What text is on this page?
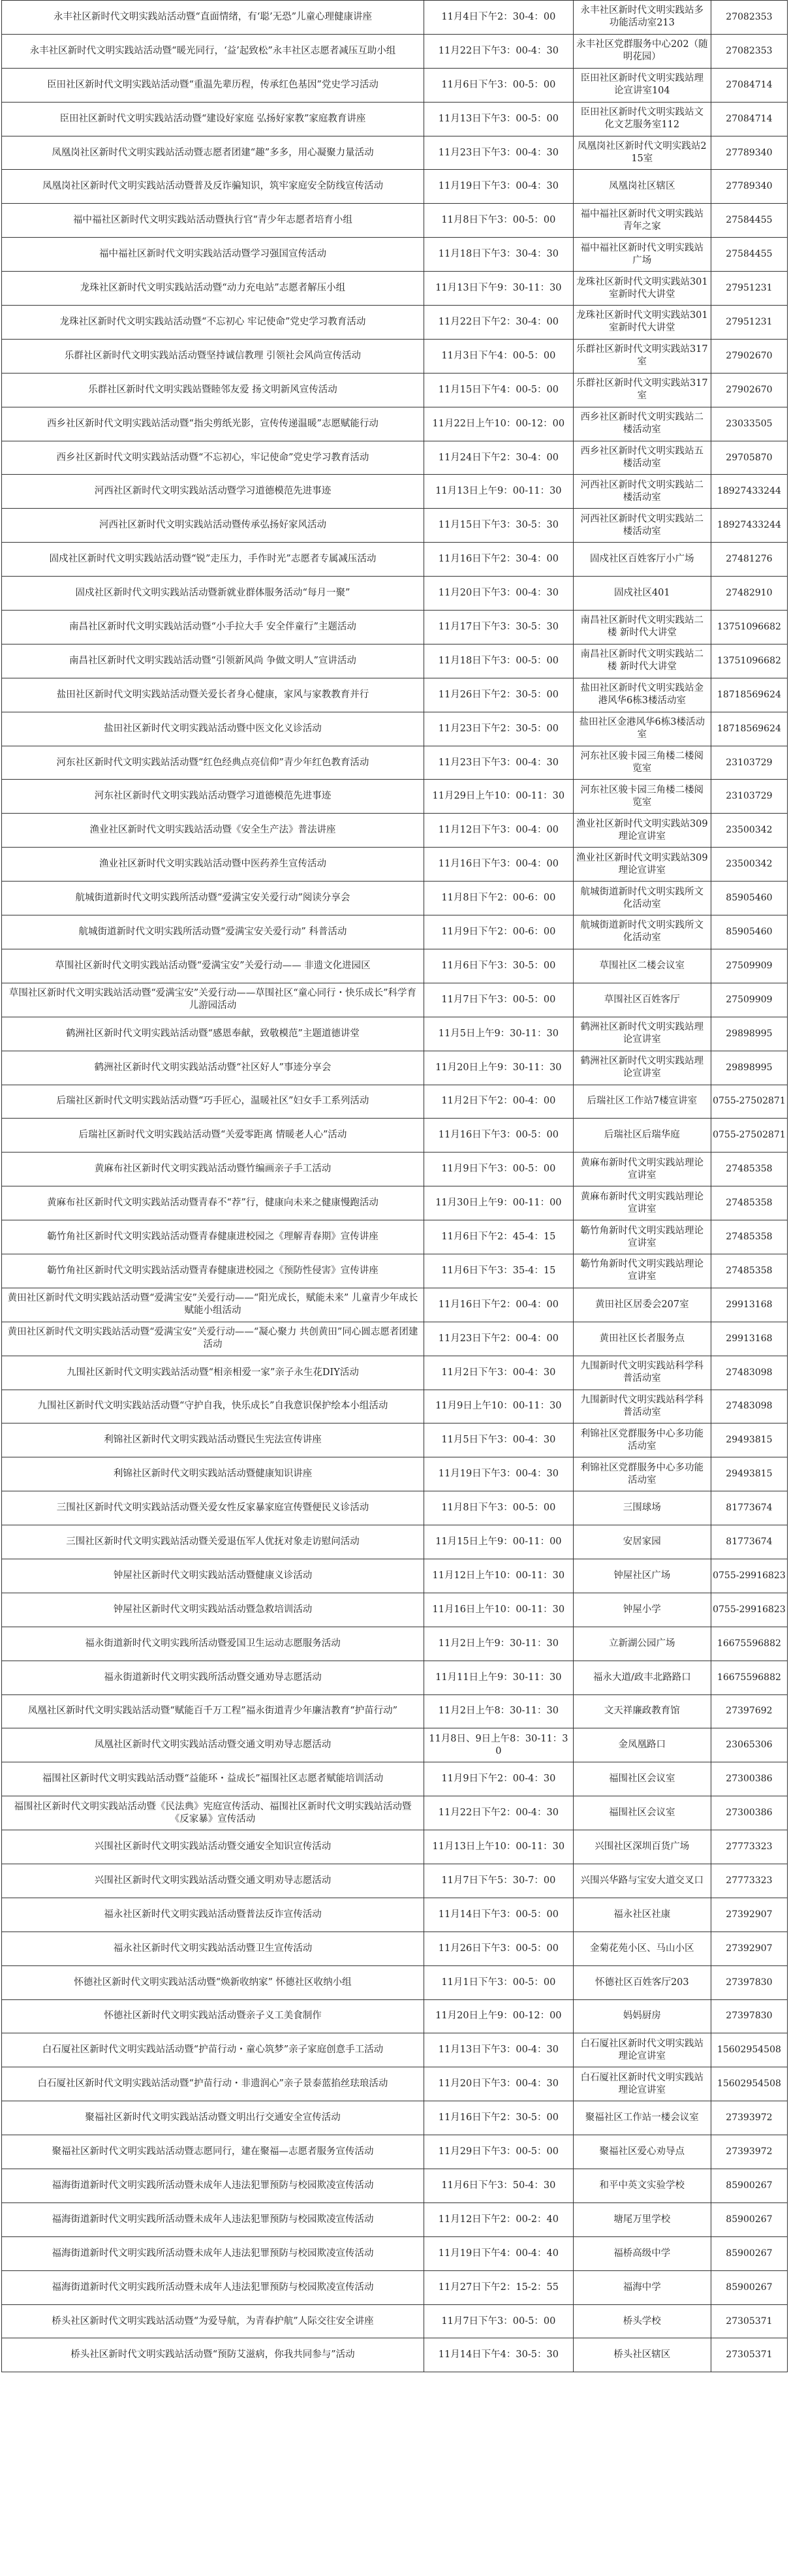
永丰社区新时代文明实践站活动暨“直面情绪，有‘聪’无恐”儿童心理健康讲座	11月4日下午2：30-4：00	永丰社区新时代文明实践站多功能活动室213	27082353
永丰社区新时代文明实践站活动暨“暖光同行，‘益’起致松”永丰社区志愿者减压互助小组	11月22日下午3：00-4：30	永丰社区党群服务中心202（随明花园）	27082353
臣田社区新时代文明实践站活动暨“重温先辈历程，传承红色基因”党史学习活动	11月6日下午3：00-5：00	臣田社区新时代文明实践站理论宣讲室104	27084714
臣田社区新时代文明实践站活动暨“建设好家庭 弘扬好家教”家庭教育讲座	11月13日下午3：00-5：00	臣田社区新时代文明实践站文化文艺服务室112	27084714
凤凰岗社区新时代文明实践站活动暨志愿者团建“趣”多多，用心凝聚力量活动	11月23日下午3：00-4：30	凤凰岗社区新时代文明实践站215室	27789340
凤凰岗社区新时代文明实践站活动暨普及反诈骗知识，筑牢家庭安全防线宣传活动	11月19日下午3：00-4：30	凤凰岗社区辖区	27789340
福中福社区新时代文明实践站活动暨执行官“青少年志愿者培育小组	11月8日下午3：00-5：00	福中福社区新时代文明实践站青年之家	27584455
福中福社区新时代文明实践站活动暨学习强国宣传活动	11月18日下午3：30-4：30	福中福社区新时代文明实践站广场	27584455
龙珠社区新时代文明实践站活动暨“动力充电站”志愿者解压小组	11月13日下午9：30-11：30	龙珠社区新时代文明实践站301室新时代大讲堂	27951231
龙珠社区新时代文明实践站活动暨“不忘初心 牢记使命”党史学习教育活动	11月22日下午2：30-4：00	龙珠社区新时代文明实践站301室新时代大讲堂	27951231
乐群社区新时代文明实践站活动暨坚持诚信教理 引领社会风尚宣传活动	11月3日下午4：00-5：00	乐群社区新时代文明实践站317室	27902670
乐群社区新时代文明实践站暨睦邻友爱 扬文明新风宣传活动	11月15日下午4：00-5：00	乐群社区新时代文明实践站317室	27902670
西乡社区新时代文明实践站活动暨“指尖剪纸光影，宣传传递温暖”志愿赋能行动	11月22日上午10：00-12：00	西乡社区新时代文明实践站二楼活动室	23033505
西乡社区新时代文明实践站活动暨“不忘初心，牢记使命”党史学习教育活动	11月24日下午2：30-4：00	西乡社区新时代文明实践站五楼活动室	29705870
河西社区新时代文明实践站活动暨学习道德模范先进事迹	11月13日上午9：00-11：30	河西社区新时代文明实践站二楼活动室	18927433244
河西社区新时代文明实践站活动暨传承弘扬好家风活动	11月15日下午3：30-5：30	河西社区新时代文明实践站二楼活动室	18927433244
固戍社区新时代文明实践站活动暨“锐”走压力，手作时光”志愿者专属减压活动	11月16日下午2：30-4：00	固戍社区百姓客厅小广场	27481276
固戍社区新时代文明实践站活动暨新就业群体服务活动“每月一聚”	11月20日下午3：00-4：30	固戍社区401	27482910
南昌社区新时代文明实践站活动暨“小手拉大手 安全伴童行”主题活动	11月17日下午3：30-5：30	南昌社区新时代文明实践站二楼 新时代大讲堂	13751096682
南昌社区新时代文明实践站活动暨“引领新风尚 争做文明人”宣讲活动	11月18日下午3：00-5：00	南昌社区新时代文明实践站二楼 新时代大讲堂	13751096682
盐田社区新时代文明实践站活动暨关爱长者身心健康，家风与家教教育并行	11月26日下午2：30-5：00	盐田社区新时代文明实践站金港风华6栋3楼活动室	18718569624
盐田社区新时代文明实践站活动暨中医文化义诊活动	11月23日下午2：30-5：00	盐田社区金港风华6栋3楼活动室	18718569624
河东社区新时代文明实践站活动暨“红色经典点亮信仰”青少年红色教育活动	11月23日下午3：00-4：30	河东社区骏卡园三角楼二楼阅览室	23103729
河东社区新时代文明实践站活动暨学习道德模范先进事迹	11月29日上午10：00-11：30	河东社区骏卡园三角楼二楼阅览室	23103729
渔业社区新时代文明实践站活动暨《安全生产法》普法讲座	11月12日下午3：00-4：00	渔业社区新时代文明实践站309理论宣讲室	23500342
渔业社区新时代文明实践站活动暨中医药养生宣传活动	11月16日下午3：00-4：00	渔业社区新时代文明实践站309理论宣讲室	23500342
航城街道新时代文明实践所活动暨“爱满宝安关爱行动”阅读分享会	11月8日下午2：00-6：00	航城街道新时代文明实践所文化活动室	85905460
航城街道新时代文明实践所活动暨“爱满宝安关爱行动” 科普活动	11月9日下午2：00-6：00	航城街道新时代文明实践所文化活动室	85905460
草围社区新时代文明实践站活动暨“爱满宝安”关爱行动—— 非遗文化进园区	11月6日下午3：30-5：00	草围社区二楼会议室	27509909
草围社区新时代文明实践站活动暨“爱满宝安”关爱行动——草围社区“童心同行・快乐成长”科学育儿游园活动	11月7日下午3：00-5：00	草围社区百姓客厅	27509909
鹤洲社区新时代文明实践站活动暨“感恩奉献，致敬模范”主题道德讲堂	11月5日上午9：30-11：30	鹤洲社区新时代文明实践站理论宣讲室	29898995
鹤洲社区新时代文明实践站活动暨“社区好人”事迹分享会	11月20日上午9：30-11：30	鹤洲社区新时代文明实践站理论宣讲室	29898995
后瑞社区新时代文明实践站活动暨“巧手匠心，温暖社区”妇女手工系列活动	11月2日下午2：00-4：00	后瑞社区工作站7楼宣讲室	0755-27502871
后瑞社区新时代文明实践站活动暨“关爱零距离 情暖老人心”活动	11月16日下午3：00-5：00	后瑞社区后瑞华庭	0755-27502871
黄麻布社区新时代文明实践站活动暨竹编画亲子手工活动	11月9日下午3：00-5：00	黄麻布新时代文明实践站理论宣讲室	27485358
黄麻布社区新时代文明实践站活动暨青春不“荐”行，健康向未来之健康慢跑活动	11月30日上午9：00-11：00	黄麻布新时代文明实践站理论宣讲室	27485358
簕竹角社区新时代文明实践站活动暨青春健康进校园之《理解青春期》宣传讲座	11月6日下午2：45-4：15	簕竹角新时代文明实践站理论宣讲室	27485358
簕竹角社区新时代文明实践站活动暨青春健康进校园之《预防性侵害》宣传讲座	11月6日下午3：35-4：15	簕竹角新时代文明实践站理论宣讲室	27485358
黄田社区新时代文明实践站活动暨“爱满宝安”关爱行动——“阳光成长，赋能未来” 儿童青少年成长赋能小组活动	11月16日下午2：00-4：00	黄田社区居委会207室	29913168
黄田社区新时代文明实践站活动暨“爱满宝安”关爱行动——“凝心聚力 共创黄田”同心圆志愿者团建活动	11月23日下午2：00-4：00	黄田社区长者服务点	29913168
九围社区新时代文明实践站活动暨“相亲相爱一家”亲子永生花DIY活动	11月2日下午3：00-4：30	九围新时代文明实践站科学科普活动室	27483098
九围社区新时代文明实践站活动暨“守护自我，快乐成长”自我意识保护绘本小组活动	11月9日上午10：00-11：30	九围新时代文明实践站科学科普活动室	27483098
利锦社区新时代文明实践站活动暨民生宪法宣传讲座	11月5日下午3：00-4：30	利锦社区党群服务中心多功能活动室	29493815
利锦社区新时代文明实践站活动暨健康知识讲座	11月19日下午3：00-4：30	利锦社区党群服务中心多功能活动室	29493815
三围社区新时代文明实践站活动暨关爱女性反家暴家庭宣传暨便民义诊活动	11月8日下午3：00-5：00	三围球场	81773674
三围社区新时代文明实践站活动暨关爱退伍军人优抚对象走访慰问活动	11月15日上午9：00-11：00	安居家园	81773674
钟屋社区新时代文明实践站活动暨健康义诊活动	11月12日上午10：00-11：30	钟屋社区广场	0755-29916823
钟屋社区新时代文明实践站活动暨急救培训活动	11月16日上午10：00-11：30	钟屋小学	0755-29916823
福永街道新时代文明实践所活动暨爱国卫生运动志愿服务活动	11月2日上午9：30-11：30	立新湖公园广场	16675596882
福永街道新时代文明实践所活动暨交通劝导志愿活动	11月11日上午9：30-11：30	福永大道/政丰北路路口	16675596882
凤凰社区新时代文明实践站活动暨“赋能百千万工程”福永街道青少年廉洁教育“护苗行动”	11月2日上午8：30-11：30	文天祥廉政教育馆	27397692
凤凰社区新时代文明实践站活动暨交通文明劝导志愿活动	11月8日、9日上午8：30-11：30	金凤凰路口	23065306
福围社区新时代文明实践站活动暨“益能环・益成长”福围社区志愿者赋能培训活动	11月9日下午2：00-4：30	福围社区会议室	27300386
福围社区新时代文明实践站活动暨《民法典》宪庭宣传活动、福围社区新时代文明实践站活动暨《反家暴》宣传活动	11月22日下午2：00-4：30	福围社区会议室	27300386
兴围社区新时代文明实践站活动暨交通安全知识宣传活动	11月13日上午10：00-11：30	兴围社区深圳百货广场	27773323
兴围社区新时代文明实践站活动暨交通文明劝导志愿活动	11月7日下午5：30-7：00	兴围兴华路与宝安大道交叉口	27773323
福永社区新时代文明实践站活动暨普法反诈宣传活动	11月14日下午3：00-5：00	福永社区社康	27392907
福永社区新时代文明实践站活动暨卫生宣传活动	11月26日下午3：00-5：00	金菊花苑小区、马山小区	27392907
怀德社区新时代文明实践站活动暨“焕新收纳家” 怀德社区收纳小组	11月1日下午3：00-5：00	怀德社区百姓客厅203	27397830
怀德社区新时代文明实践站活动暨亲子义工美食制作	11月20日上午9：00-12：00	妈妈厨房	27397830
白石厦社区新时代文明实践站活动暨“护苗行动・童心筑梦”亲子家庭创意手工活动	11月13日下午3：00-4：30	白石厦社区新时代文明实践站理论宣讲室	15602954508
白石厦社区新时代文明实践站活动暨“护苗行动・非遗润心”亲子景泰蓝掐丝珐琅活动	11月20日下午3：00-4：30	白石厦社区新时代文明实践站理论宣讲室	15602954508
聚福社区新时代文明实践站活动暨文明出行交通安全宣传活动	11月16日下午2：30-5：00	聚福社区工作站一楼会议室	27393972
聚福社区新时代文明实践站活动暨志愿同行，建在聚福—志愿者服务宣传活动	11月29日下午3：00-5：00	聚福社区爱心劝导点	27393972
福海街道新时代文明实践所活动暨未成年人违法犯罪预防与校园欺凌宣传活动	11月6日下午3：50-4：30	和平中英文实验学校	85900267
福海街道新时代文明实践所活动暨未成年人违法犯罪预防与校园欺凌宣传活动	11月12日下午2：00-2：40	塘尾万里学校	85900267
福海街道新时代文明实践所活动暨未成年人违法犯罪预防与校园欺凌宣传活动	11月19日下午4：00-4：40	福桥高级中学	85900267
福海街道新时代文明实践所活动暨未成年人违法犯罪预防与校园欺凌宣传活动	11月27日下午2：15-2：55	福海中学	85900267
桥头社区新时代文明实践站活动暨“为爱导航，为青春护航”人际交往安全讲座	11月7日下午3：00-5：00	桥头学校	27305371
桥头社区新时代文明实践站活动暨“预防艾滋病，你我共同参与”活动	11月14日下午4：30-5：30	桥头社区辖区	27305371
